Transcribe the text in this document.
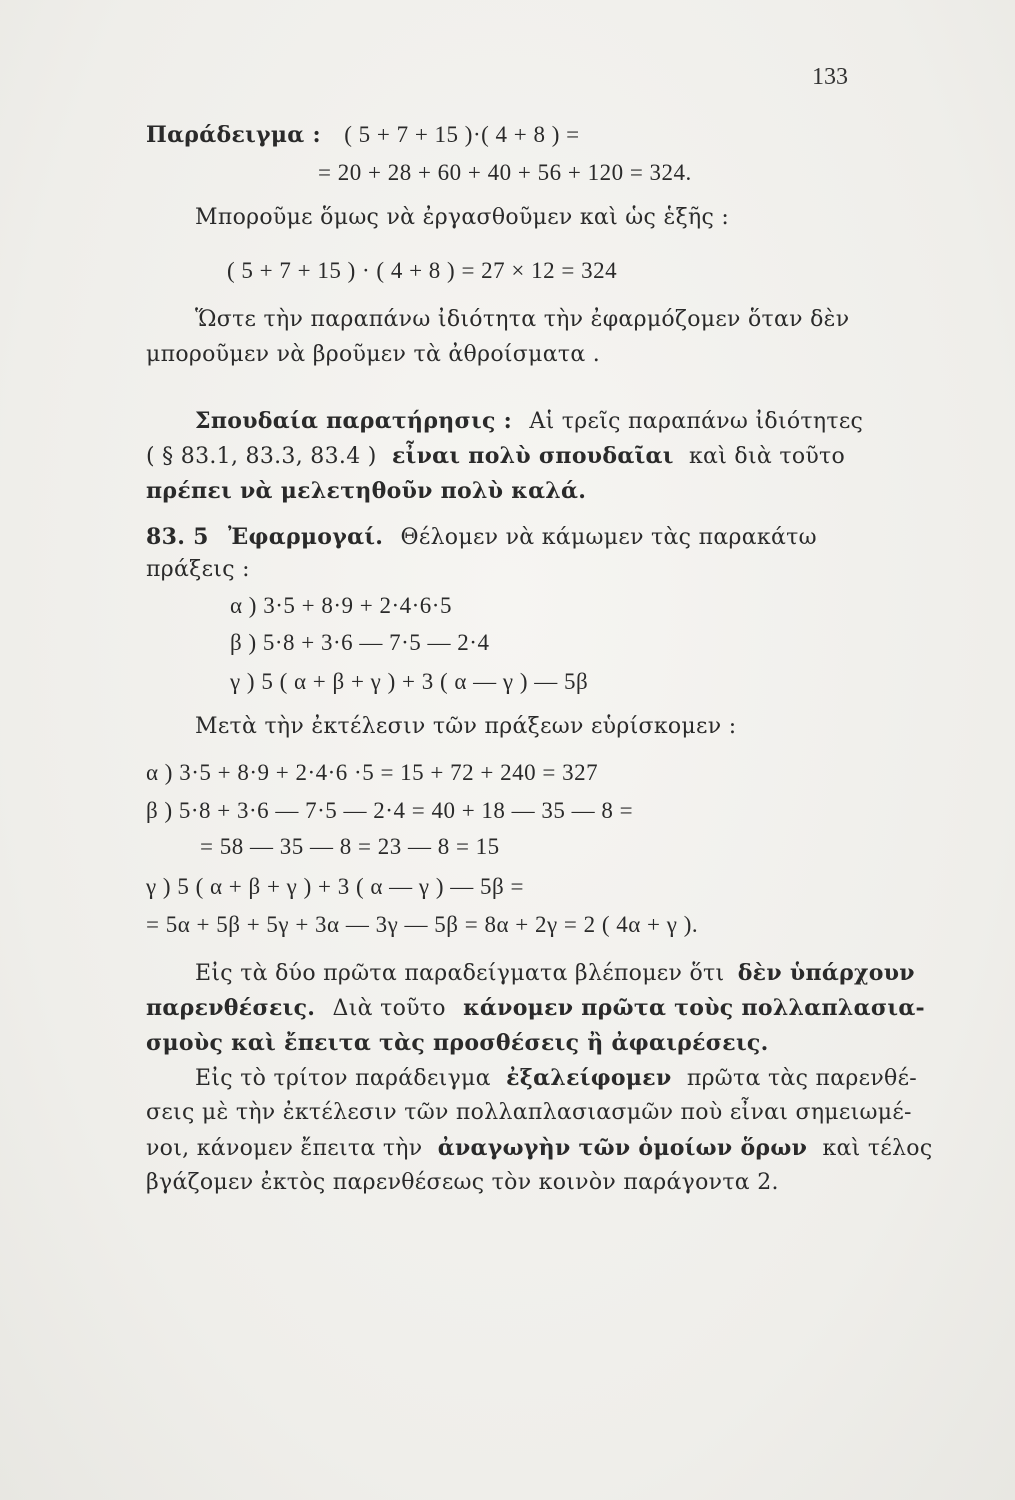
133
Παράδειγμα : ( 5 + 7 + 15 )·( 4 + 8 ) =
= 20 + 28 + 60 + 40 + 56 + 120 = 324.
Μποροῦμε ὅμως νὰ ἐργασθοῦμεν καὶ ὡς ἑξῆς :
( 5 + 7 + 15 ) · ( 4 + 8 ) = 27 × 12 = 324
Ὥστε τὴν παραπάνω ἰδιότητα τὴν ἐφαρμόζομεν ὅταν δὲν
μποροῦμεν νὰ βροῦμεν τὰ ἀθροίσματα .
Σπουδαία παρατήρησις : Αἱ τρεῖς παραπάνω ἰδιότητες
( § 83.1, 83.3, 83.4 ) εἶναι πολὺ σπουδαῖαι καὶ διὰ τοῦτο
πρέπει νὰ μελετηθοῦν πολὺ καλά.
83. 5 Ἐφαρμογαί. Θέλομεν νὰ κάμωμεν τὰς παρακάτω
πράξεις :
α ) 3·5 + 8·9 + 2·4·6·5
β ) 5·8 + 3·6 — 7·5 — 2·4
γ ) 5 ( α + β + γ ) + 3 ( α — γ ) — 5β
Μετὰ τὴν ἐκτέλεσιν τῶν πράξεων εὑρίσκομεν :
α ) 3·5 + 8·9 + 2·4·6 ·5 = 15 + 72 + 240 = 327
β ) 5·8 + 3·6 — 7·5 — 2·4 = 40 + 18 — 35 — 8 =
= 58 — 35 — 8 = 23 — 8 = 15
γ ) 5 ( α + β + γ ) + 3 ( α — γ ) — 5β =
= 5α + 5β + 5γ + 3α — 3γ — 5β = 8α + 2γ = 2 ( 4α + γ ).
Εἰς τὰ δύο πρῶτα παραδείγματα βλέπομεν ὅτι δὲν ὑπάρχουν
παρενθέσεις. Διὰ τοῦτο κάνομεν πρῶτα τοὺς πολλαπλασια-
σμοὺς καὶ ἔπειτα τὰς προσθέσεις ἢ ἀφαιρέσεις.
Εἰς τὸ τρίτον παράδειγμα ἐξαλείφομεν πρῶτα τὰς παρενθέ-
σεις μὲ τὴν ἐκτέλεσιν τῶν πολλαπλασιασμῶν ποὺ εἶναι σημειωμέ-
νοι, κάνομεν ἔπειτα τὴν ἀναγωγὴν τῶν ὁμοίων ὅρων καὶ τέλος
βγάζομεν ἐκτὸς παρενθέσεως τὸν κοινὸν παράγοντα 2.
